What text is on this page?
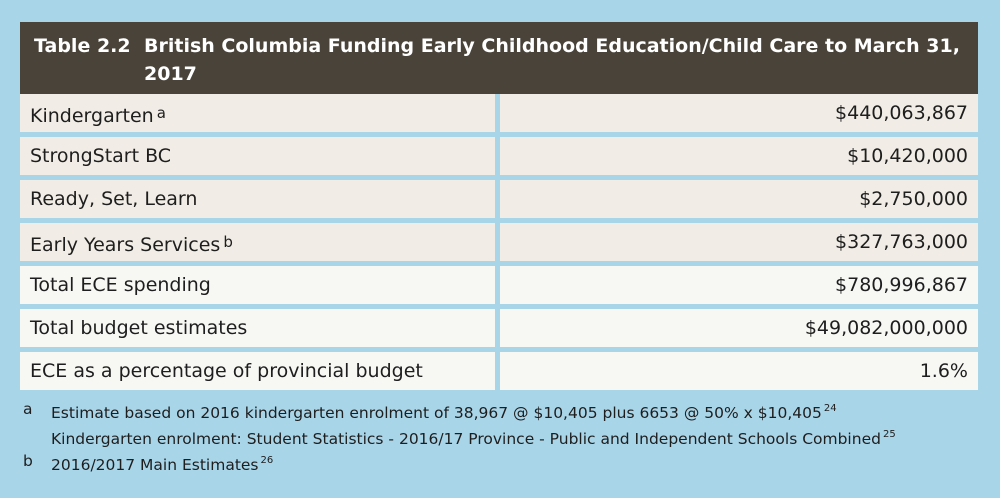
Table 2.2 British Columbia Funding Early Childhood Education/Child Care to March 31, 2017
Kindergarten $^a$	$440,063,867
StrongStart BC	$10,420,000
Ready, Set, Learn	$2,750,000
Early Years Services $^b$	$327,763,000
Total ECE spending	$780,996,867
Total budget estimates	$49,082,000,000
ECE as a percentage of provincial budget	1.6%
a	Estimate based on 2016 kindergarten enrolment of 38,967 @ $10,405 plus 6653 @ 50% x $10,405 $^{24}$
Kindergarten enrolment: Student Statistics - 2016/17 Province - Public and Independent Schools Combined $^{25}$
b	2016/2017 Main Estimates $^{26}$
